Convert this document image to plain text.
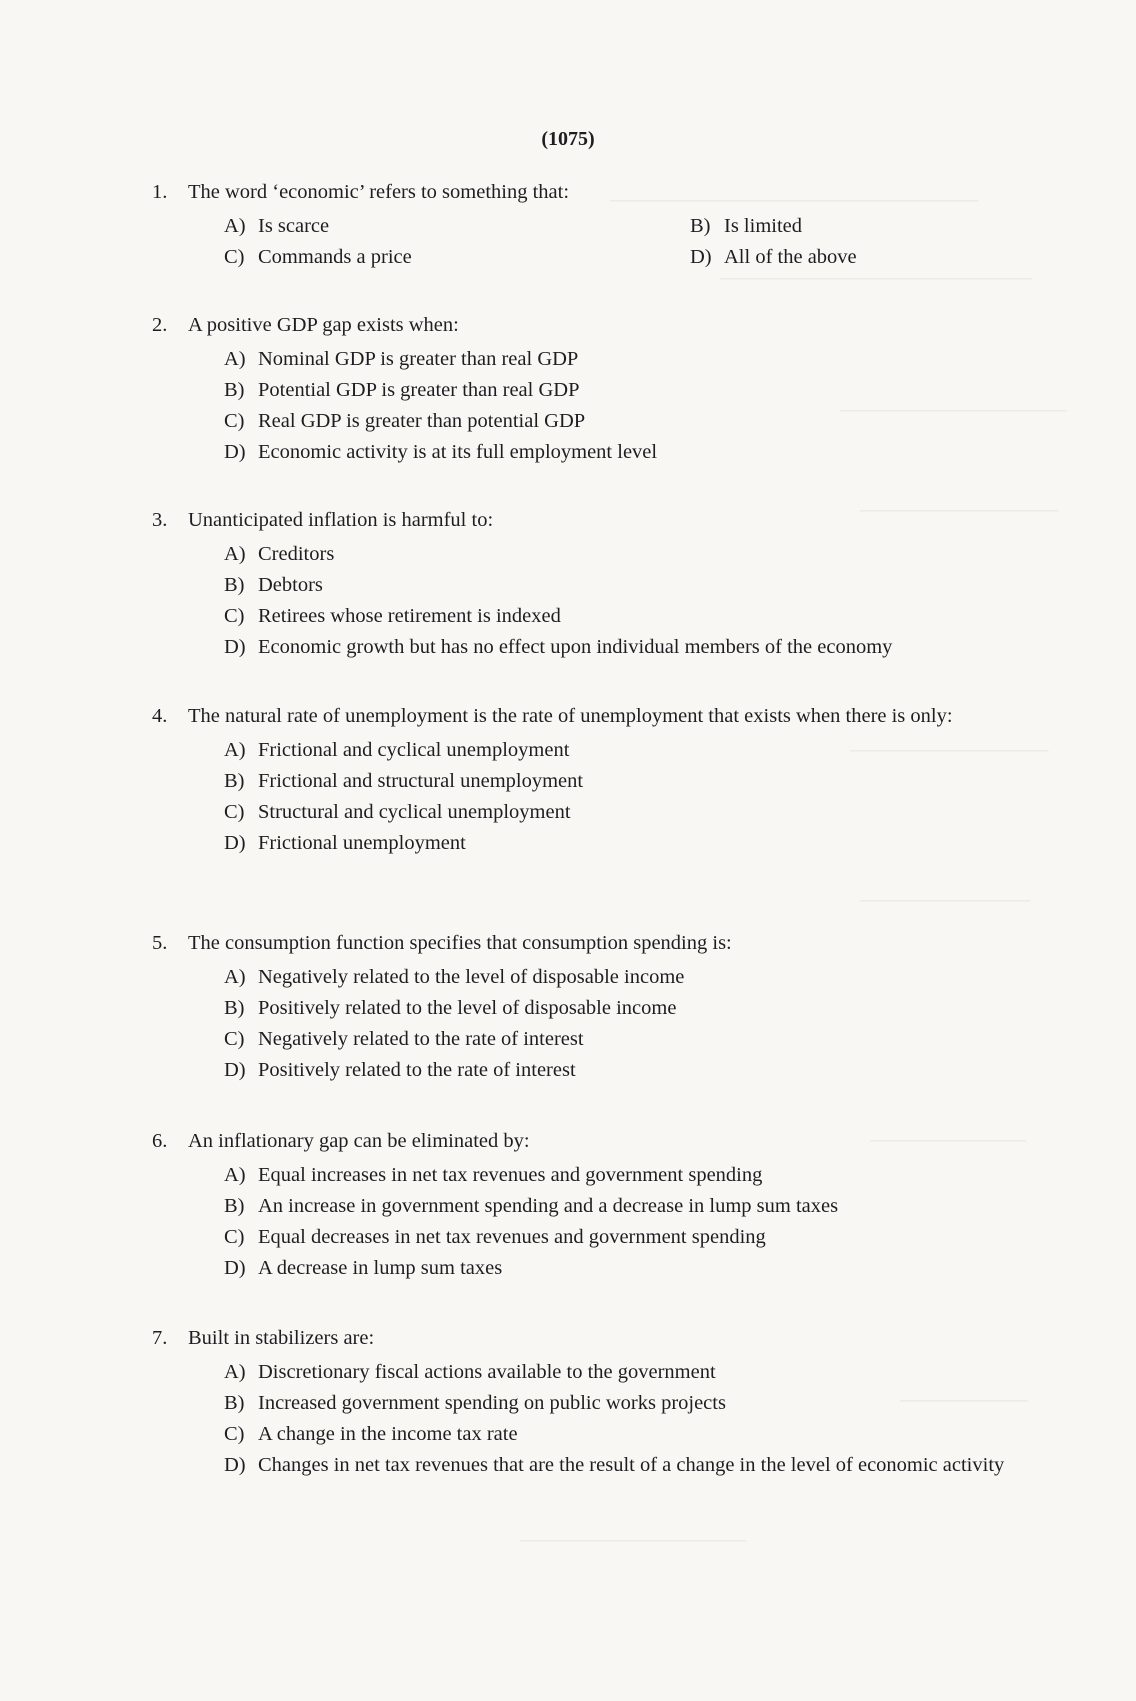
──────────────────────────
──────────────────────
────────────────
──────────────
──────────────
────────────
───────────
─────────
────────────────
(1075)
1. The word ‘economic’ refers to something that:
A) Is scarce	B) Is limited
C) Commands a price	D) All of the above
2. A positive GDP gap exists when:
A) Nominal GDP is greater than real GDP
B) Potential GDP is greater than real GDP
C) Real GDP is greater than potential GDP
D) Economic activity is at its full employment level
3. Unanticipated inflation is harmful to:
A) Creditors
B) Debtors
C) Retirees whose retirement is indexed
D) Economic growth but has no effect upon individual members of the economy
4. The natural rate of unemployment is the rate of unemployment that exists when there is only:
A) Frictional and cyclical unemployment
B) Frictional and structural unemployment
C) Structural and cyclical unemployment
D) Frictional unemployment
5. The consumption function specifies that consumption spending is:
A) Negatively related to the level of disposable income
B) Positively related to the level of disposable income
C) Negatively related to the rate of interest
D) Positively related to the rate of interest
6. An inflationary gap can be eliminated by:
A) Equal increases in net tax revenues and government spending
B) An increase in government spending and a decrease in lump sum taxes
C) Equal decreases in net tax revenues and government spending
D) A decrease in lump sum taxes
7. Built in stabilizers are:
A) Discretionary fiscal actions available to the government
B) Increased government spending on public works projects
C) A change in the income tax rate
D) Changes in net tax revenues that are the result of a change in the level of economic activity
